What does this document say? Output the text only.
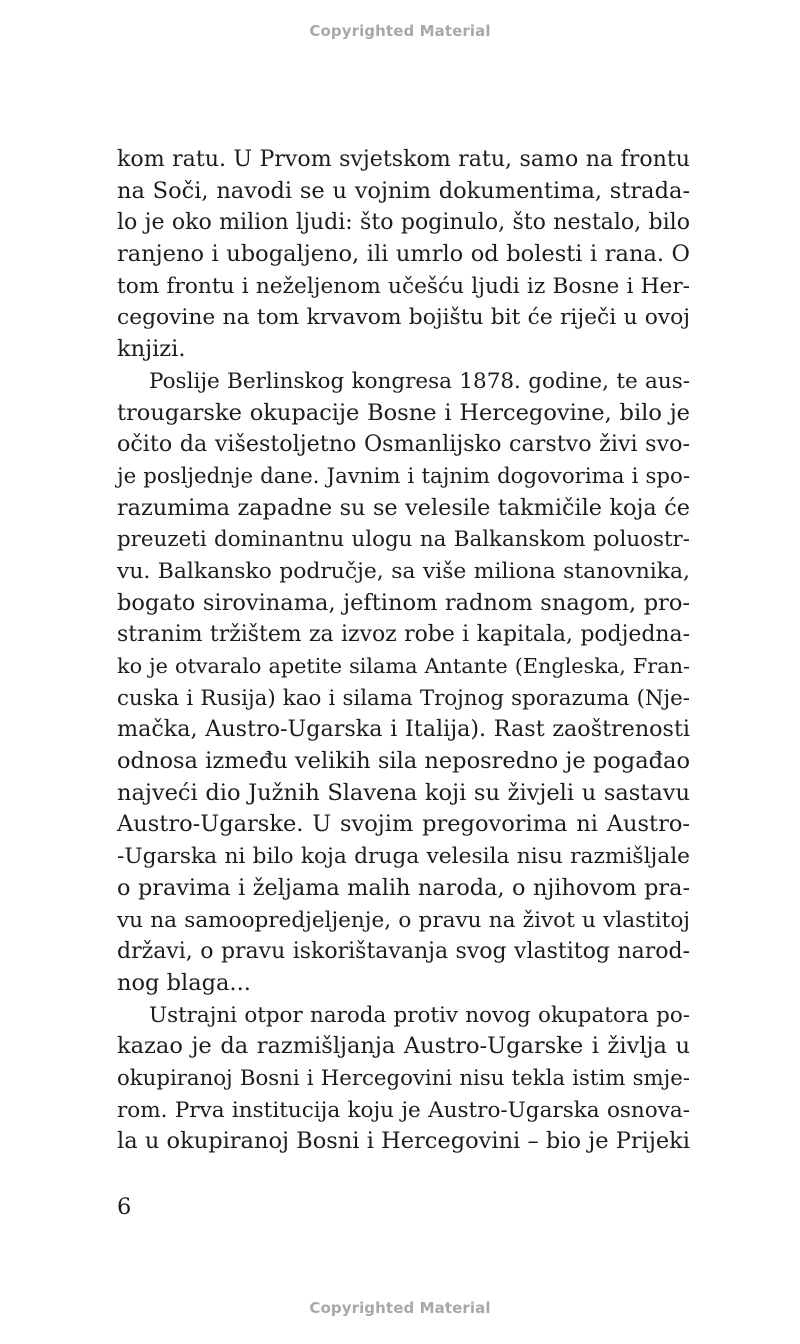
Copyrighted Material
kom ratu. U Prvom svjetskom ratu, samo na frontu
na Soči, navodi se u vojnim dokumentima, strada-
lo je oko milion ljudi: što poginulo, što nestalo, bilo
ranjeno i ubogaljeno, ili umrlo od bolesti i rana. O
tom frontu i neželjenom učešću ljudi iz Bosne i Her-
cegovine na tom krvavom bojištu bit će riječi u ovoj
knjizi.
Poslije Berlinskog kongresa 1878. godine, te aus-
trougarske okupacije Bosne i Hercegovine, bilo je
očito da višestoljetno Osmanlijsko carstvo živi svo-
je posljednje dane. Javnim i tajnim dogovorima i spo-
razumima zapadne su se velesile takmičile koja će
preuzeti dominantnu ulogu na Balkanskom poluostr-
vu. Balkansko područje, sa više miliona stanovnika,
bogato sirovinama, jeftinom radnom snagom, pro-
stranim tržištem za izvoz robe i kapitala, podjedna-
ko je otvaralo apetite silama Antante (Engleska, Fran-
cuska i Rusija) kao i silama Trojnog sporazuma (Nje-
mačka, Austro-Ugarska i Italija). Rast zaoštrenosti
odnosa između velikih sila neposredno je pogađao
najveći dio Južnih Slavena koji su živjeli u sastavu
Austro-Ugarske. U svojim pregovorima ni Austro-
-Ugarska ni bilo koja druga velesila nisu razmišljale
o pravima i željama malih naroda, o njihovom pra-
vu na samoopredjeljenje, o pravu na život u vlastitoj
državi, o pravu iskorištavanja svog vlastitog narod-
nog blaga...
Ustrajni otpor naroda protiv novog okupatora po-
kazao je da razmišljanja Austro-Ugarske i življa u
okupiranoj Bosni i Hercegovini nisu tekla istim smje-
rom. Prva institucija koju je Austro-Ugarska osnova-
la u okupiranoj Bosni i Hercegovini – bio je Prijeki
6
Copyrighted Material
